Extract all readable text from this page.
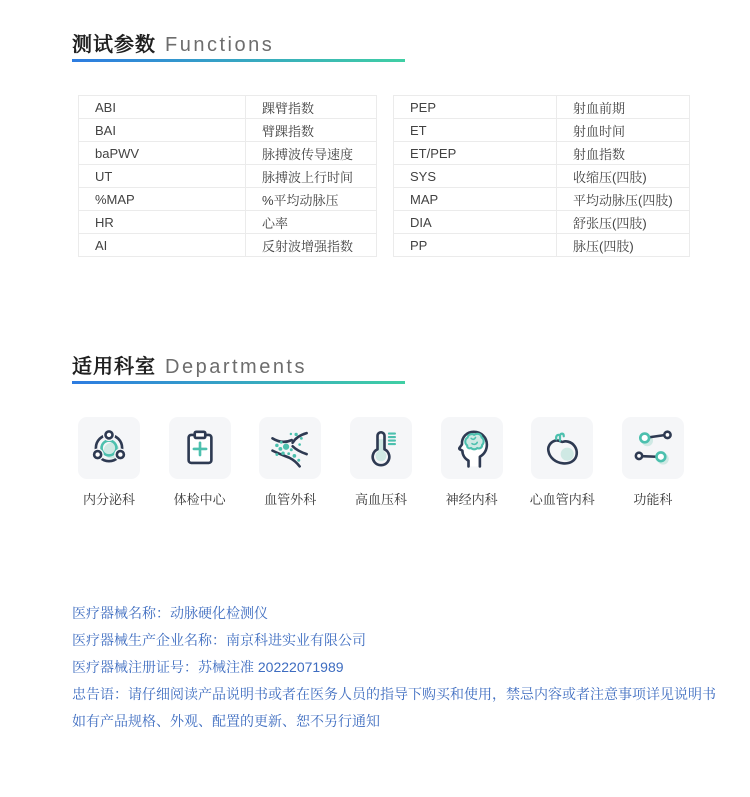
测试参数 Functions
ABI	踝臂指数
BAI	臂踝指数
baPWV	脉搏波传导速度
UT	脉搏波上行时间
%MAP	%平均动脉压
HR	心率
AI	反射波增强指数
PEP	射血前期
ET	射血时间
ET/PEP	射血指数
SYS	收缩压(四肢)
MAP	平均动脉压(四肢)
DIA	舒张压(四肢)
PP	脉压(四肢)
适用科室 Departments
内分泌科	体检中心	血管外科	高血压科	神经内科 心血管内科	功能科

医疗器械名称：动脉硬化检测仪

医疗器械生产企业名称：南京科进实业有限公司

医疗器械注册证号：苏械注准 20222071989

忠告语：请仔细阅读产品说明书或者在医务人员的指导下购买和使用，禁忌内容或者注意事项详见说明书

如有产品规格、外观、配置的更新、恕不另行通知
